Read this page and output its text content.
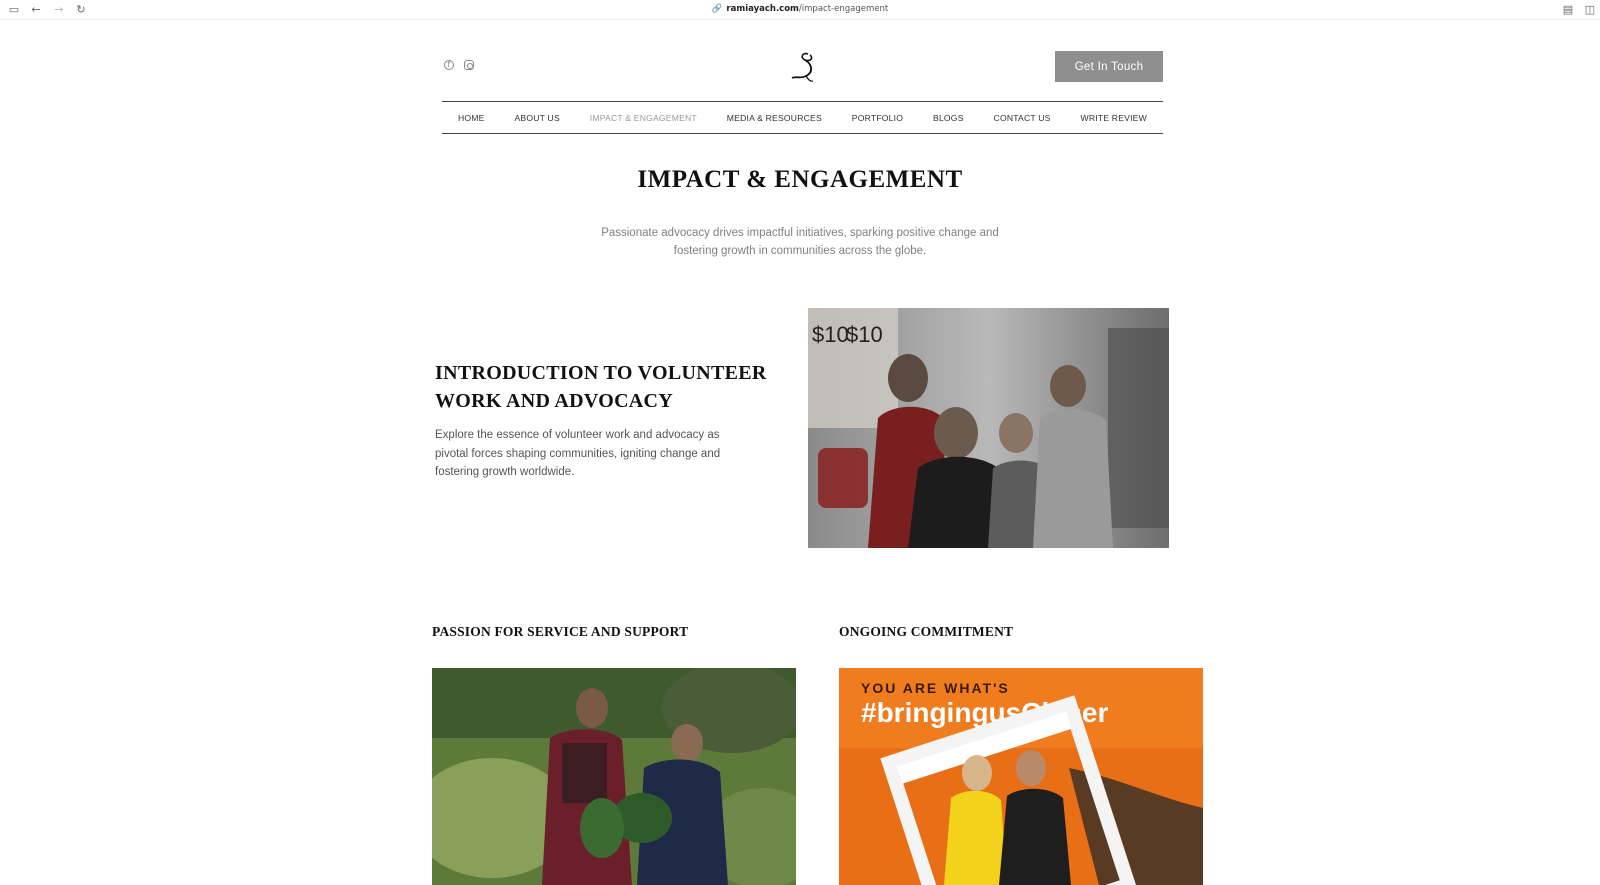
▭ ← → ↻	🔗 ramiayach.com/impact-engagement	▤ ◫
f
Get In Touch
HOME	ABOUT US	IMPACT & ENGAGEMENT	MEDIA & RESOURCES	PORTFOLIO	BLOGS	CONTACT US	WRITE REVIEW
IMPACT & ENGAGEMENT

Passionate advocacy drives impactful initiatives, sparking positive change and fostering growth in communities across the globe.

INTRODUCTION TO VOLUNTEER WORK AND ADVOCACY

Explore the essence of volunteer work and advocacy as pivotal forces shaping communities, igniting change and fostering growth worldwide.

$10
$10
PASSION FOR SERVICE AND SUPPORT	ONGOING COMMITMENT
YOU ARE WHAT'S
#bringingusCloser
